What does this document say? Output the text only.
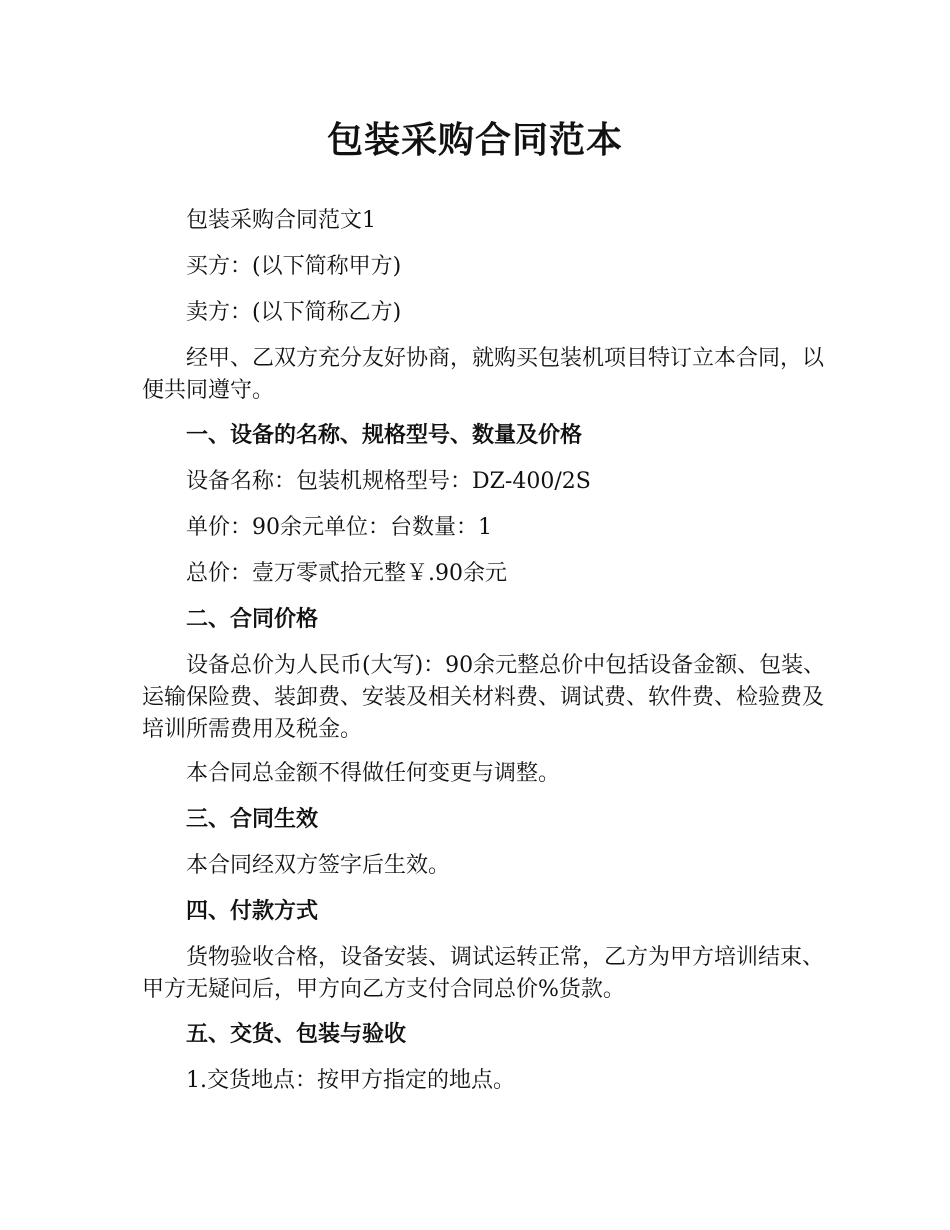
包装采购合同范本

包装采购合同范文1

买方：(以下简称甲方)

卖方：(以下简称乙方)

经甲、乙双方充分友好协商，就购买包装机项目特订立本合同，以便共同遵守。

一、设备的名称、规格型号、数量及价格

设备名称：包装机规格型号：DZ-400/2S

单价：90余元单位：台数量：1

总价：壹万零贰拾元整￥.90余元

二、合同价格

设备总价为人民币(大写)：90余元整总价中包括设备金额、包装、运输保险费、装卸费、安装及相关材料费、调试费、软件费、检验费及培训所需费用及税金。

本合同总金额不得做任何变更与调整。

三、合同生效

本合同经双方签字后生效。

四、付款方式

货物验收合格，设备安装、调试运转正常，乙方为甲方培训结束、甲方无疑问后，甲方向乙方支付合同总价%货款。

五、交货、包装与验收

1.交货地点：按甲方指定的地点。
